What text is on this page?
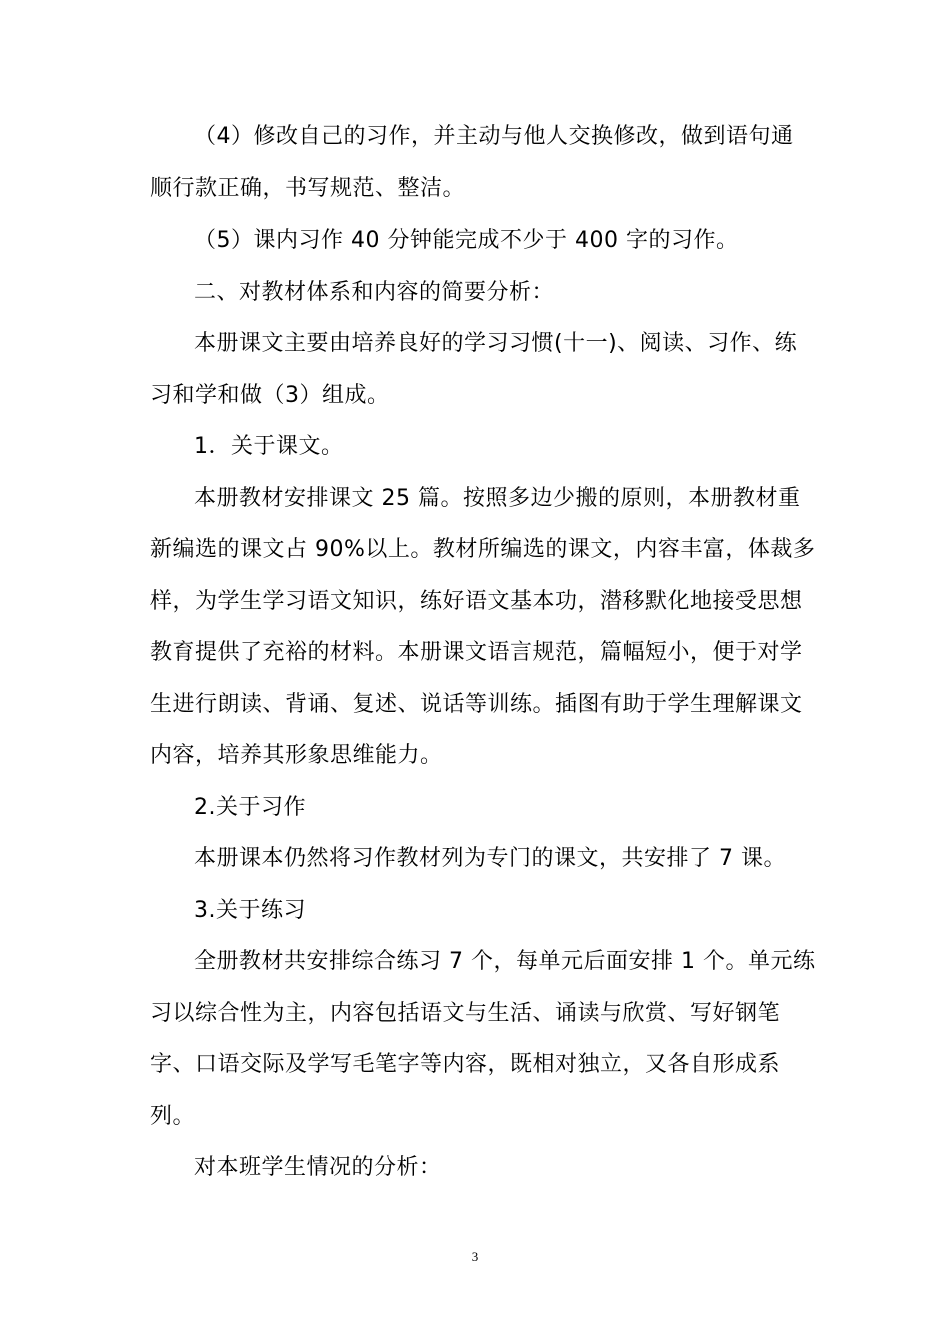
（4）修改自己的习作，并主动与他人交换修改，做到语句通
顺行款正确，书写规范、整洁。
（5）课内习作 40 分钟能完成不少于 400 字的习作。
二、对教材体系和内容的简要分析：
本册课文主要由培养良好的学习习惯(十一)、阅读、习作、练
习和学和做（3）组成。
1．关于课文。
本册教材安排课文 25 篇。按照多边少搬的原则，本册教材重
新编选的课文占 90%以上。教材所编选的课文，内容丰富，体裁多
样，为学生学习语文知识，练好语文基本功，潜移默化地接受思想
教育提供了充裕的材料。本册课文语言规范，篇幅短小，便于对学
生进行朗读、背诵、复述、说话等训练。插图有助于学生理解课文
内容，培养其形象思维能力。
2.关于习作
本册课本仍然将习作教材列为专门的课文，共安排了 7 课。
3.关于练习
全册教材共安排综合练习 7 个，每单元后面安排 1 个。单元练
习以综合性为主，内容包括语文与生活、诵读与欣赏、写好钢笔
字、口语交际及学写毛笔字等内容，既相对独立，又各自形成系
列。
对本班学生情况的分析：
3
